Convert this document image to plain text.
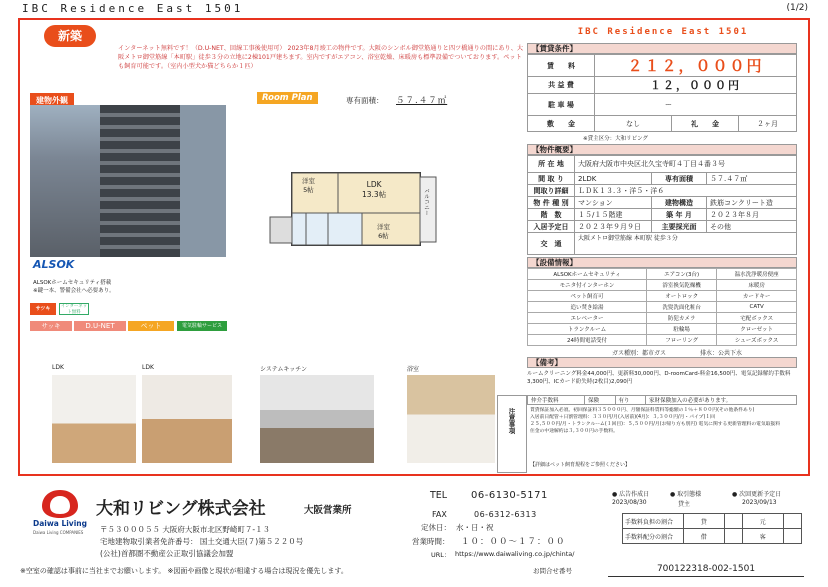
IBC Residence East 1501	(1/2)
新築
インターネット無料です！（D.U-NET、回線工事後使用可） 2023年8月竣工の物件です。大阪のシンボル御堂筋通りと四ツ橋通りの間にあり、大阪メトロ御堂筋線「本町駅」徒歩３分の立地に2棟101戸建ちます。室内ですがエアコン、浴室乾燥、床暖房も標準設備でついております。ペットも飼育可能です。（室内小型犬か猫どちらか１匹）
建物外観
ALSOK
ALSOKホームセキュリティ搭載
※鍵一本、警備会社へ必要あり。
サツキ	インターネット無料
サッキ	D.U-NET	ペット	電気駐輪サービス
Room Plan	専有面積： ５７.４７㎡
洋室
5帖
LDK
13.3帖
洋室
6帖
バルコニー
LDK	LDK	システムキッチン	浴室
IBC Residence East 1501
【賃貸条件】
賃　　料	２１２，０００円		
共 益 費	１２，０００円		
駐 車 場	ー		
敷　　金	なし	礼　　金	２ヶ月
※貸主区分：大和リビング
【物件概要】
所 在 地	大阪府大阪市中央区北久宝寺町４丁目４番３号		
間 取 り	2LDK	専有面積	５７.４７㎡
間取り詳細	ＬＤＫ１３.３・洋５・洋６		
物 件 種 別	マンション	建物構造	鉄筋コンクリート造
階　数	１５/１５階建	築 年 月	２０２３年８月
入居予定日	２０２３年９月９日	主要採光面	その他
交　通	大阪メトロ御堂筋線 本町駅 徒歩３分		
【設備情報】
ALSOKホームセキュリティ	エアコン(3台)	温水洗浄暖房便座
モニタ付インターホン	浴室換気乾燥機	床暖房
ペット飼育可	オートロック	カードキー
追い焚き給湯	洗髪洗面化粧台	CATV
エレベーター	防犯カメラ	宅配ボックス
トランクルーム	駐輪場	クローゼット
24時間電話受付	フローリング	シューズボックス
ガス種別：都市ガス	排水：公共下水
【備考】
ルームクリーニング料金44,000円、更新料30,000円、D-roomCard-料金16,500円、電気記録解約手数料3,300円、ICカード紛失時(2枚目)2,090円
注意事項
仲介手数料	保険	有り	家財保険加入の必要があります。
賃貸保証加入必須。初回保証料３５０００円、月額保証料賃料等総額の１％＋８００円(その他条件あり)
入居前日配管＋日割管理料：３３０円/月(入居前)(4月)：３,３００円/月・パイプ)１回
２５,５００円/月・トランクルーム(１回目)：５,５００円/月(お帰り方も別円) 電気に関する更新管理料の電気取扱料
住金の中途解約は３,３００円の手数料。
【詳細はペット飼育規程をご参照ください】
Daiwa Living
Daiwa Living COMPANIES
大和リビング株式会社	大阪営業所
〒５３０００５５ 大阪府大阪市北区野崎町７-１３
宅地建物取引業者免許番号： 国土交通大臣(７)第５２２０号
(公社)首都圏不動産公正取引協議会加盟
TEL 06-6130-5171
FAX	06-6312-6313
定休日： 水・日・祝
営業時間： １０：００～１７：００
URL： https://www.daiwaliving.co.jp/chinta/
● 広告作成日	● 取引態様	● 次回更新予定日
2023/08/30	貸主	2023/09/13
手数料負担の割合	貸		元	
手数料配分の割合	借		客	
※空室の確認は事前に当社までお願いします。 ※図面や画像と現状が相違する場合は現況を優先します。	お問合せ番号	700122318-002-1501
